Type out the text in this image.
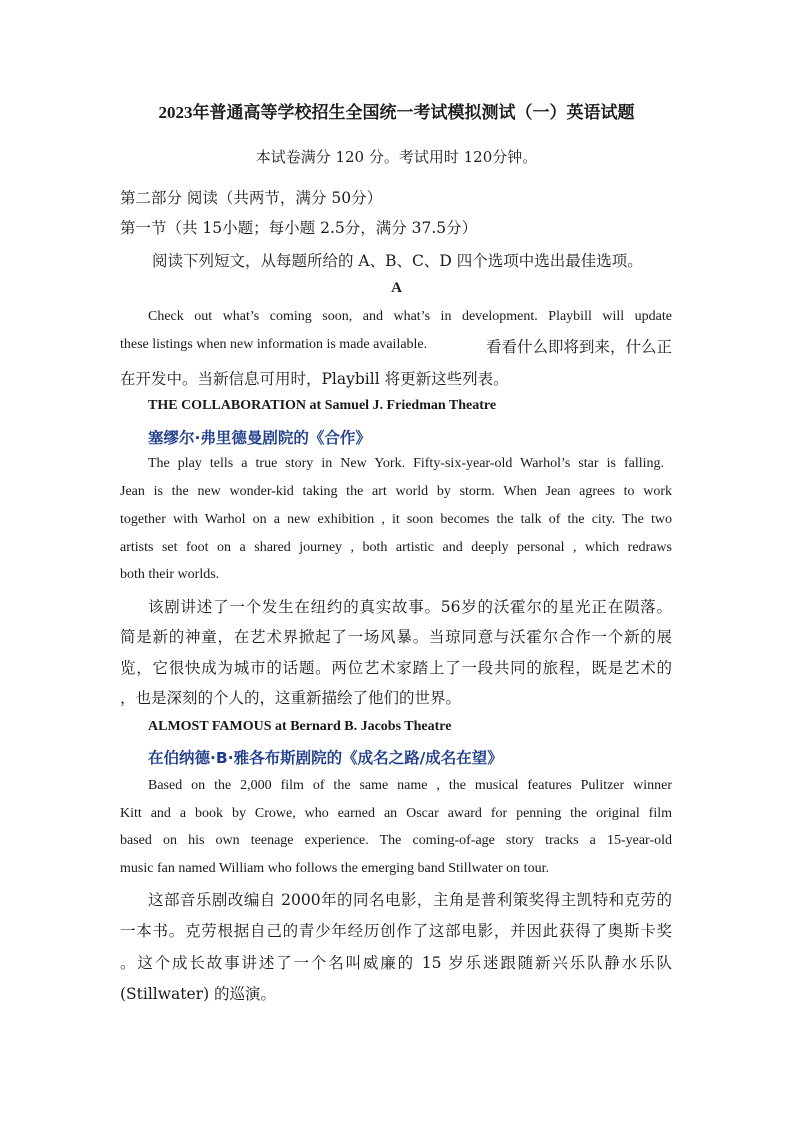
2023年普通高等学校招生全国统一考试模拟测试（一）英语试题
本试卷满分 120 分。考试用时 120分钟。
第二部分 阅读（共两节，满分 50分）
第一节（共 15小题；每小题 2.5分，满分 37.5分）
阅读下列短文，从每题所给的 A、B、C、D 四个选项中选出最佳选项。
A
Check out what’s coming soon, and what’s in development. Playbill will update
these listings when new information is made available.	看看什么即将到来，什么正
在开发中。当新信息可用时，Playbill 将更新这些列表。
THE COLLABORATION at Samuel J. Friedman Theatre
塞缪尔·弗里德曼剧院的《合作》
The play tells a true story in New York. Fifty-six-year-old Warhol’s star is falling.
Jean is the new wonder-kid taking the art world by storm. When Jean agrees to work
together with Warhol on a new exhibition , it soon becomes the talk of the city. The two
artists set foot on a shared journey , both artistic and deeply personal , which redraws
both their worlds.
该剧讲述了一个发生在纽约的真实故事。56岁的沃霍尔的星光正在陨落。
简是新的神童，在艺术界掀起了一场风暴。当琼同意与沃霍尔合作一个新的展
览，它很快成为城市的话题。两位艺术家踏上了一段共同的旅程，既是艺术的
，也是深刻的个人的，这重新描绘了他们的世界。
ALMOST FAMOUS at Bernard B. Jacobs Theatre
在伯纳德·B·雅各布斯剧院的《成名之路/成名在望》
Based on the 2,000 film of the same name , the musical features Pulitzer winner
Kitt and a book by Crowe, who earned an Oscar award for penning the original film
based on his own teenage experience. The coming-of-age story tracks a 15-year-old
music fan named William who follows the emerging band Stillwater on tour.
这部音乐剧改编自 2000年的同名电影，主角是普利策奖得主凯特和克劳的
一本书。克劳根据自己的青少年经历创作了这部电影，并因此获得了奥斯卡奖
。这个成长故事讲述了一个名叫威廉的 15 岁乐迷跟随新兴乐队静水乐队
(Stillwater) 的巡演。
